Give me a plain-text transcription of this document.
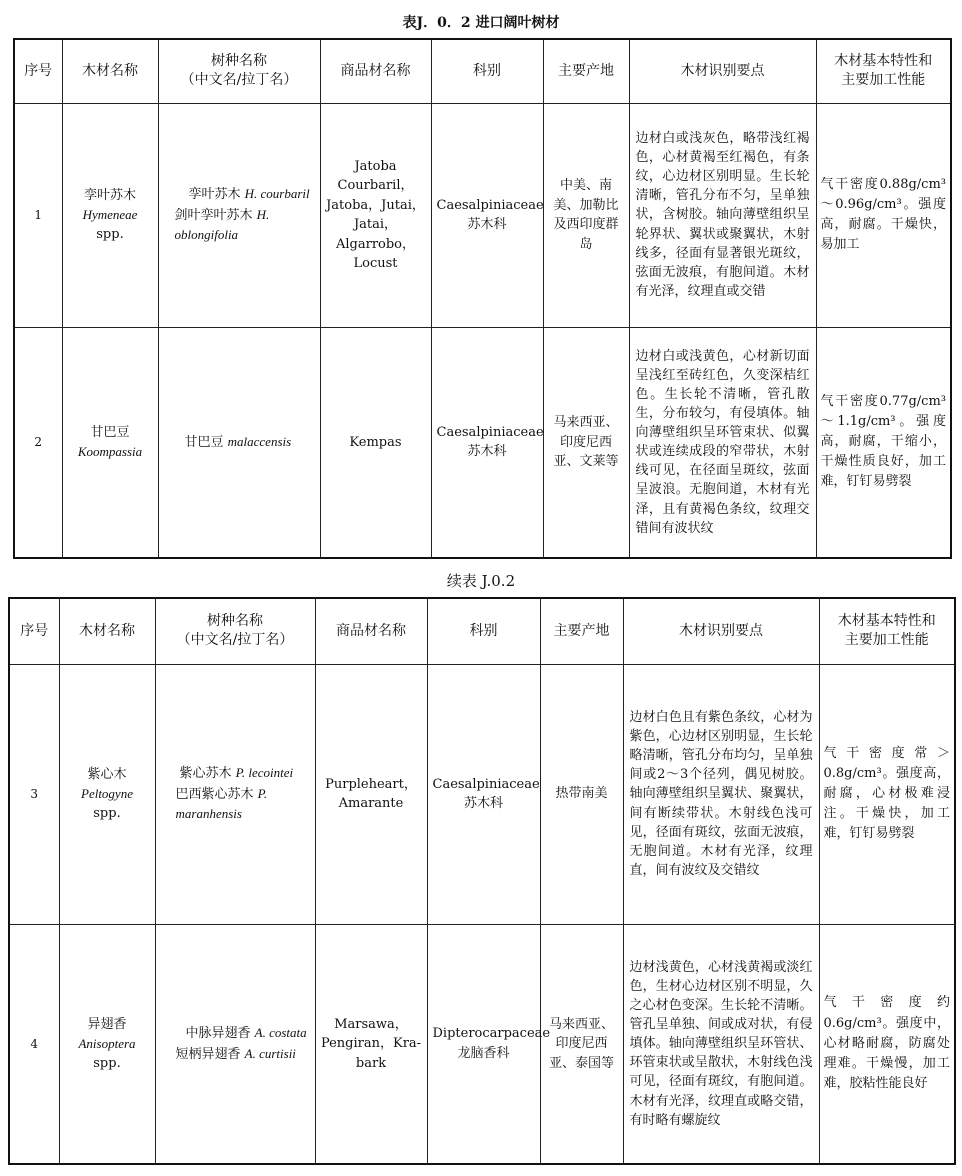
表J．0．2 进口阔叶树材
序号	木材名称	树种名称
（中文名/拉丁名）	商品材名称	科别	主要产地	木材识别要点	木材基本特性和
主要加工性能

1	孪叶苏木
Hymeneae
spp.	孪叶苏木 H. courbaril
剑叶孪叶苏木 H. oblongifolia	Jatoba Courbaril，Jatoba，Jutai，Jatai，Algarrobo，Locust	Caesalpiniaceae
苏木科	中美、南美、加勒比及西印度群岛	边材白或浅灰色，略带浅红褐色，心材黄褐至红褐色，有条纹，心边材区别明显。生长轮清晰，管孔分布不匀，呈单独状，含树胶。轴向薄壁组织呈轮界状、翼状或聚翼状，木射线多，径面有显著银光斑纹，弦面无波痕，有胞间道。木材有光泽，纹理直或交错	气干密度0.88g/cm³～0.96g/cm³。强度高，耐腐。干燥快，易加工
2	甘巴豆
Koompassia	甘巴豆 malaccensis	Kempas	Caesalpiniaceae
苏木科	马来西亚、印度尼西亚、文莱等	边材白或浅黄色，心材新切面呈浅红至砖红色，久变深桔红色。生长轮不清晰，管孔散生，分布较匀，有侵填体。轴向薄壁组织呈环管束状、似翼状或连续成段的窄带状，木射线可见，在径面呈斑纹，弦面呈波浪。无胞间道，木材有光泽，且有黄褐色条纹，纹理交错间有波状纹	气干密度0.77g/cm³～1.1g/cm³。强度高，耐腐，干缩小，干燥性质良好，加工难，钉钉易劈裂
续表 J.0.2
序号	木材名称	树种名称
（中文名/拉丁名）	商品材名称	科别	主要产地	木材识别要点	木材基本特性和
主要加工性能

3	紫心木
Peltogyne
spp.	紫心苏木 P. lecointei
巴西紫心苏木 P. maranhensis	Purpleheart，Amarante	Caesalpiniaceae
苏木科	热带南美	边材白色且有紫色条纹，心材为紫色，心边材区别明显，生长轮略清晰，管孔分布均匀，呈单独间或2～3个径列，偶见树胶。轴向薄壁组织呈翼状、聚翼状，间有断续带状。木射线色浅可见，径面有斑纹，弦面无波痕，无胞间道。木材有光泽，纹理直，间有波纹及交错纹	气干密度常＞0.8g/cm³。强度高，耐腐，心材极难浸注。干燥快，加工难，钉钉易劈裂
4	异翅香
Anisoptera
spp.	中脉异翅香 A. costata
短柄异翅香 A. curtisii	Marsawa，Pengiran，Kra-bark	Dipterocarpaceae
龙脑香科	马来西亚、印度尼西亚、泰国等	边材浅黄色，心材浅黄褐或淡红色，生材心边材区别不明显，久之心材色变深。生长轮不清晰。管孔呈单独、间或成对状，有侵填体。轴向薄壁组织呈环管状、环管束状或呈散状，木射线色浅可见，径面有斑纹，有胞间道。木材有光泽，纹理直或略交错，有时略有螺旋纹	气干密度约0.6g/cm³。强度中，心材略耐腐，防腐处理难。干燥慢，加工难，胶粘性能良好
